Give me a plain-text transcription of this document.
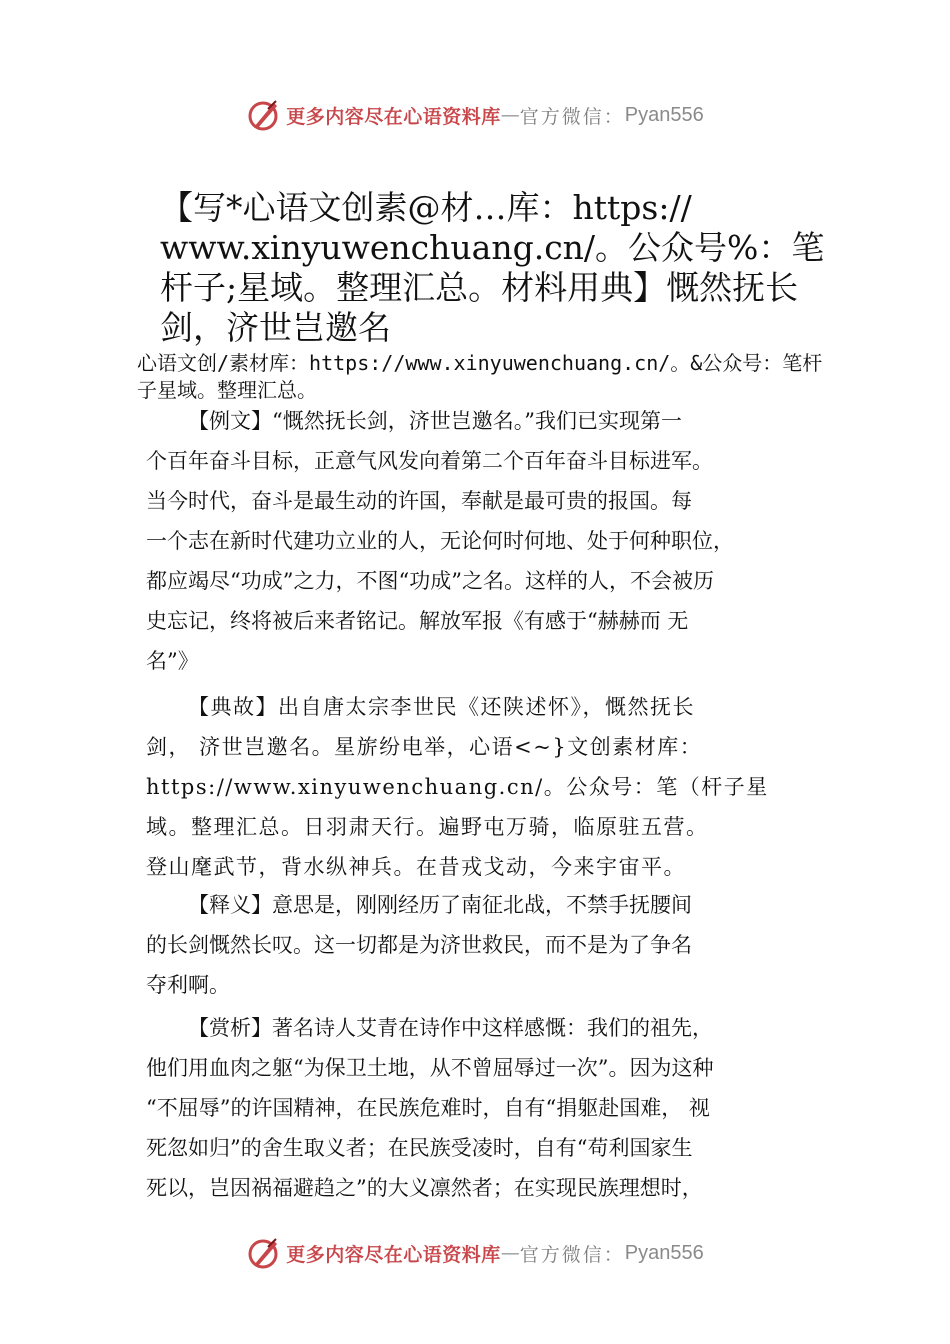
更多内容尽在心语资料库 — 官方微信： Pyan556
【写*心语文创素@材…库：https:// www.xinyuwenchuang.cn/。公众号%：笔杆子;星域。整理汇总。材料用典】慨然抚长剑，济世岂邀名
心语文创/素材库：https://www.xinyuwenchuang.cn/。&公众号：笔杆子星域。整理汇总。
【例文】“慨然抚长剑，济世岂邀名。”我们已实现第一
个百年奋斗目标，正意气风发向着第二个百年奋斗目标进军。
当今时代，奋斗是最生动的许国，奉献是最可贵的报国。每
一个志在新时代建功立业的人，无论何时何地、处于何种职位，
都应竭尽“功成”之力，不图“功成”之名。这样的人，不会被历
史忘记，终将被后来者铭记。解放军报《有感于“赫赫而 无
名”》
【典故】出自唐太宗李世民《还陕述怀》，慨然抚长
剑， 济世岂邀名。星旂纷电举，心语<~}文创素材库：
https://www.xinyuwenchuang.cn/。公众号：笔（杆子星
域。整理汇总。日羽肃天行。遍野屯万骑，临原驻五营。
登山麾武节，背水纵神兵。在昔戎戈动，今来宇宙平。
【释义】意思是，刚刚经历了南征北战，不禁手抚腰间
的长剑慨然长叹。这一切都是为济世救民，而不是为了争名
夺利啊。
【赏析】著名诗人艾青在诗作中这样感慨：我们的祖先，
他们用血肉之躯“为保卫土地，从不曾屈辱过一次”。因为这种
“不屈辱”的许国精神，在民族危难时，自有“捐躯赴国难， 视
死忽如归”的舍生取义者；在民族受凌时，自有“苟利国家生
死以，岂因祸福避趋之”的大义凛然者；在实现民族理想时，
更多内容尽在心语资料库 — 官方微信： Pyan556
